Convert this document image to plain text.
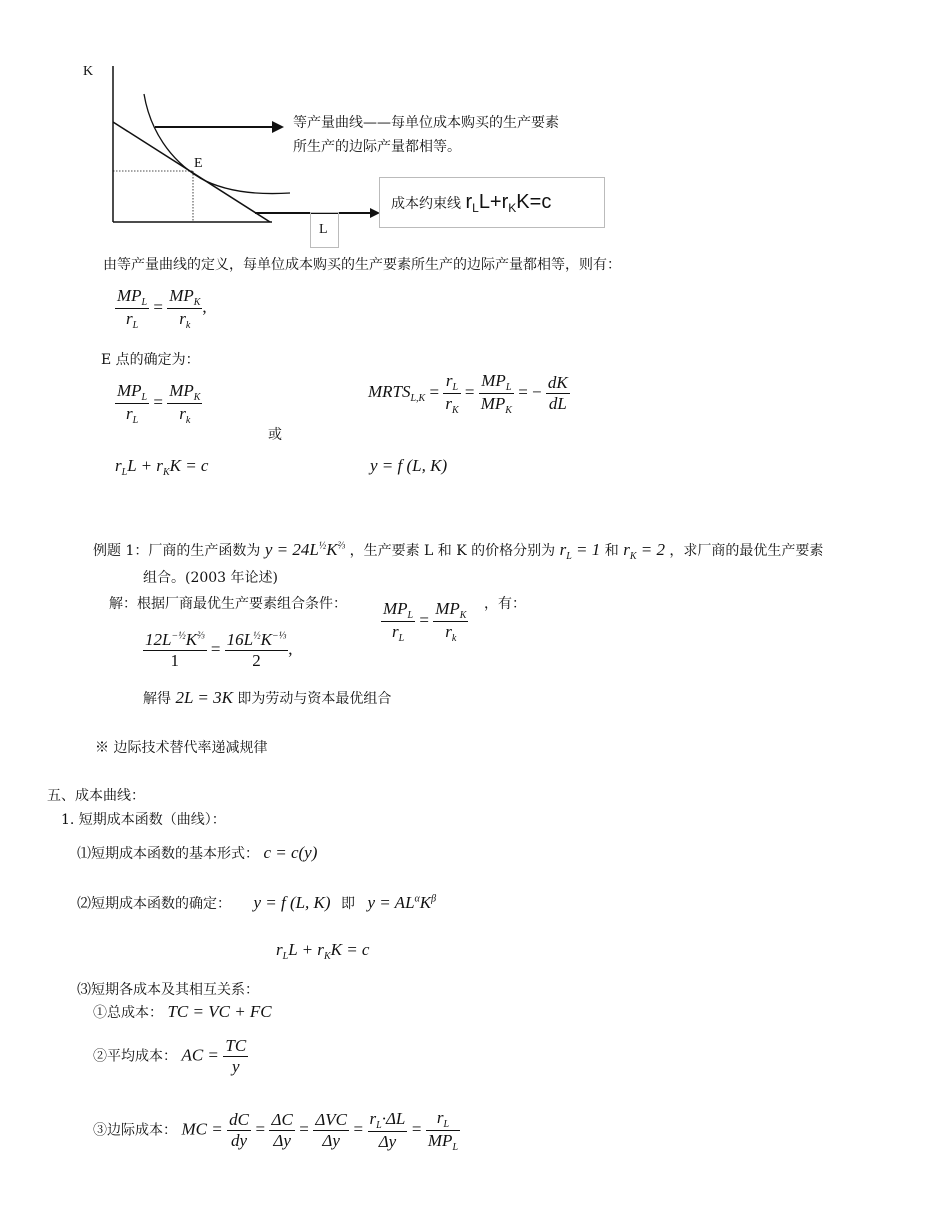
K
E
L
等产量曲线——每单位成本购买的生产要素
所生产的边际产量都相等。
成本约束线 $r_LL+r_KK=c$
由等产量曲线的定义，每单位成本购买的生产要素所生产的边际产量都相等，则有：
$\frac{MP_L}{r_L} = \frac{MP_K}{r_k}$ ,
E 点的确定为：
$\frac{MP_L}{r_L} = \frac{MP_K}{r_k}$
$r_LL + r_KK = c$
或
$MRTS_{L,K} = \frac{r_L}{r_K} = \frac{MP_L}{MP_K}$ = − $\frac{dK}{dL}$
y = f (L, K)
例题 1：厂商的生产函数为 $y = 24L^{\frac{1}{2}}K^{\frac{2}{3}}$ ，生产要素 L 和 K 的价格分别为 $r_L = 1$ 和 $r_K = 2$ ，求厂商的最优生产要素
组合。(2003 年论述)
解：根据厂商最优生产要素组合条件： $\frac{MP_L}{r_L} = \frac{MP_K}{r_k}$ ，有：
$\frac{12L^{-\frac{1}{2}}K^{\frac{2}{3}}}{1} = \frac{16L^{\frac{1}{2}}K^{-\frac{1}{3}}}{2}$ ,
解得 2L = 3K 即为劳动与资本最优组合
※ 边际技术替代率递减规律
五、成本曲线：
1. 短期成本函数（曲线）：
⑴短期成本函数的基本形式： c = c(y)
⑵短期成本函数的确定： y = f (L, K) 即 $y = AL^\alpha K^\beta$
$r_LL + r_KK = c$
⑶短期各成本及其相互关系：
①总成本： TC = VC + FC
②平均成本： AC = $\frac{TC}{y}$
③边际成本： MC = $\frac{dC}{dy} = \frac{\Delta C}{\Delta y} = \frac{\text{ΔVC}}{\Delta y} = \frac{r_L\cdot\Delta L}{\Delta y} = \frac{r_L}{MP_L}$
